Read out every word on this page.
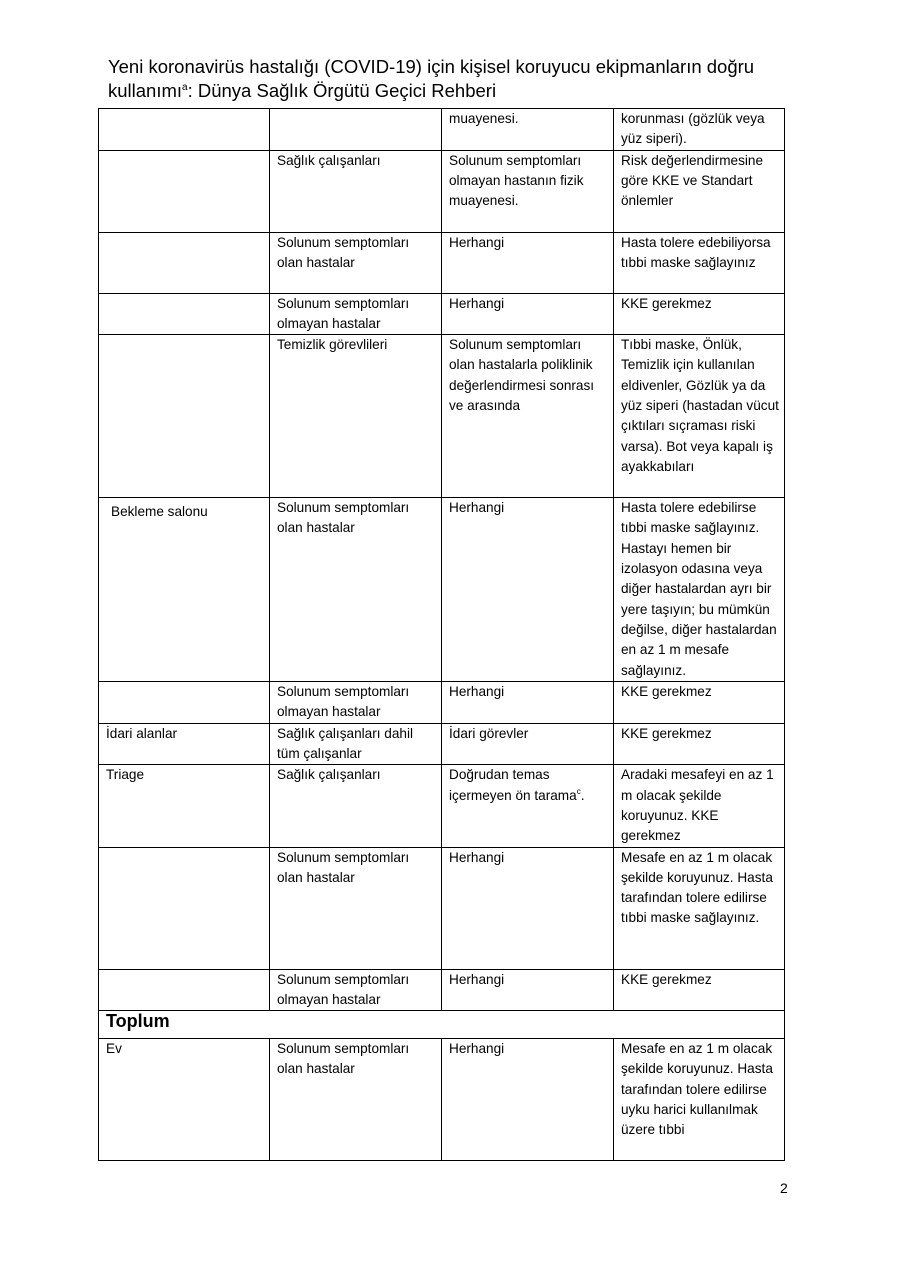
Yeni koronavirüs hastalığı (COVID-19) için kişisel koruyucu ekipmanların doğru
kullanımı$^a$: Dünya Sağlık Örgütü Geçici Rehberi
		muayenesi.	korunması (gözlük veya yüz siperi).
	Sağlık çalışanları	Solunum semptomları olmayan hastanın fizik muayenesi.	Risk değerlendirmesine göre KKE ve Standart önlemler
	Solunum semptomları olan hastalar	Herhangi	Hasta tolere edebiliyorsa tıbbi maske sağlayınız
	Solunum semptomları olmayan hastalar	Herhangi	KKE gerekmez
	Temizlik görevlileri	Solunum semptomları olan hastalarla poliklinik değerlendirmesi sonrası ve arasında	Tıbbi maske, Önlük, Temizlik için kullanılan eldivenler, Gözlük ya da yüz siperi (hastadan vücut çıktıları sıçraması riski varsa). Bot veya kapalı iş ayakkabıları
Bekleme salonu	Solunum semptomları olan hastalar	Herhangi	Hasta tolere edebilirse tıbbi maske sağlayınız. Hastayı hemen bir izolasyon odasına veya diğer hastalardan ayrı bir yere taşıyın; bu mümkün değilse, diğer hastalardan en az 1 m mesafe sağlayınız.
	Solunum semptomları olmayan hastalar	Herhangi	KKE gerekmez
İdari alanlar	Sağlık çalışanları dahil tüm çalışanlar	İdari görevler	KKE gerekmez
Triage	Sağlık çalışanları	Doğrudan temas içermeyen ön tarama$^c$.	Aradaki mesafeyi en az 1 m olacak şekilde koruyunuz. KKE gerekmez
	Solunum semptomları olan hastalar	Herhangi	Mesafe en az 1 m olacak şekilde koruyunuz. Hasta tarafından tolere edilirse tıbbi maske sağlayınız.
	Solunum semptomları olmayan hastalar	Herhangi	KKE gerekmez
Toplum			
Ev	Solunum semptomları olan hastalar	Herhangi	Mesafe en az 1 m olacak şekilde koruyunuz. Hasta tarafından tolere edilirse uyku harici kullanılmak üzere tıbbi
2
